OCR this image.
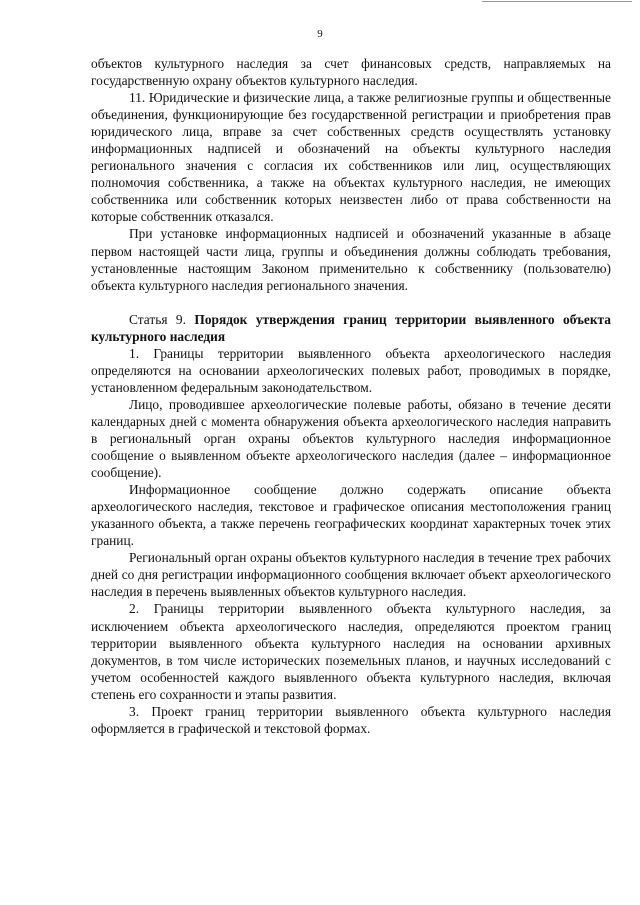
9

объектов культурного наследия за счет финансовых средств, направляемых на государственную охрану объектов культурного наследия.

11. Юридические и физические лица, а также религиозные группы и общественные объединения, функционирующие без государственной регистрации и приобретения прав юридического лица, вправе за счет собственных средств осуществлять установку информационных надписей и обозначений на объекты культурного наследия регионального значения с согласия их собственников или лиц, осуществляющих полномочия собственника, а также на объектах культурного наследия, не имеющих собственника или собственник которых неизвестен либо от права собственности на которые собственник отказался.

При установке информационных надписей и обозначений указанные в абзаце первом настоящей части лица, группы и объединения должны соблюдать требования, установленные настоящим Законом применительно к собственнику (пользователю) объекта культурного наследия регионального значения.

Статья 9. Порядок утверждения границ территории выявленного объекта культурного наследия

1. Границы территории выявленного объекта археологического наследия определяются на основании археологических полевых работ, проводимых в порядке, установленном федеральным законодательством.

Лицо, проводившее археологические полевые работы, обязано в течение десяти календарных дней с момента обнаружения объекта археологического наследия направить в региональный орган охраны объектов культурного наследия информационное сообщение о выявленном объекте археологического наследия (далее – информационное сообщение).

Информационное сообщение должно содержать описание объекта археологического наследия, текстовое и графическое описания местоположения границ указанного объекта, а также перечень географических координат характерных точек этих границ.

Региональный орган охраны объектов культурного наследия в течение трех рабочих дней со дня регистрации информационного сообщения включает объект археологического наследия в перечень выявленных объектов культурного наследия.

2. Границы территории выявленного объекта культурного наследия, за исключением объекта археологического наследия, определяются проектом границ территории выявленного объекта культурного наследия на основании архивных документов, в том числе исторических поземельных планов, и научных исследований с учетом особенностей каждого выявленного объекта культурного наследия, включая степень его сохранности и этапы развития.

3. Проект границ территории выявленного объекта культурного наследия оформляется в графической и текстовой формах.
